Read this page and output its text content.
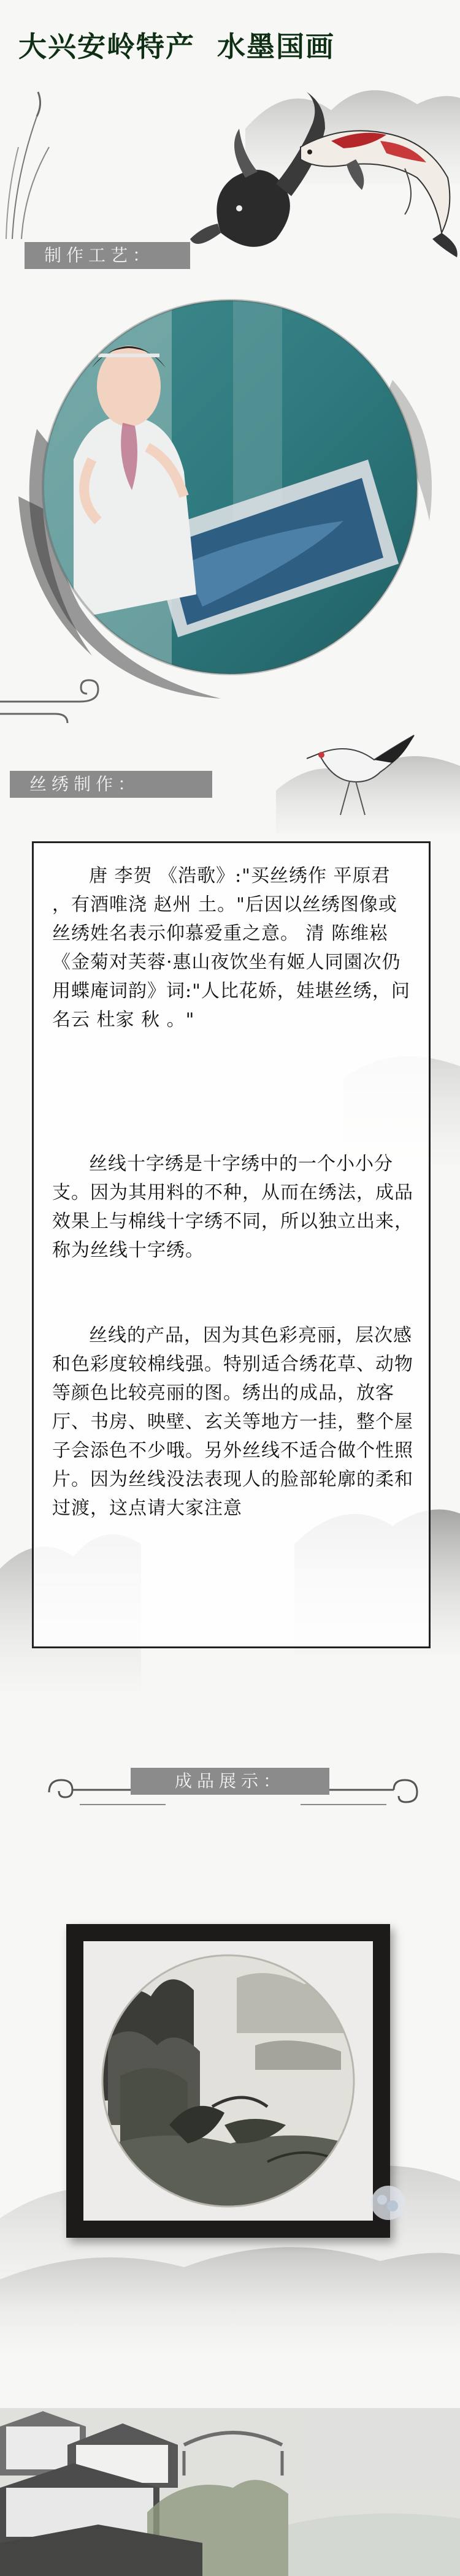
大兴安岭特产  水墨国画
制作工艺：
丝绣制作：

唐 李贺 《浩歌》:"买丝绣作 平原君 ，有酒唯浇 赵州 土。"后因以丝绣图像或丝绣姓名表示仰慕爱重之意。 清 陈维崧 《金菊对芙蓉·惠山夜饮坐有姬人同園次仍用蝶庵词韵》词:"人比花娇，娃堪丝绣，问名云 杜家 秋 。"

丝线十字绣是十字绣中的一个小小分支。因为其用料的不种，从而在绣法，成品效果上与棉线十字绣不同，所以独立出来，称为丝线十字绣。

丝线的产品，因为其色彩亮丽，层次感和色彩度较棉线强。特别适合绣花草、动物等颜色比较亮丽的图。绣出的成品，放客厅、书房、映壁、玄关等地方一挂，整个屋子会添色不少哦。另外丝线不适合做个性照片。因为丝线没法表现人的脸部轮廓的柔和过渡，这点请大家注意

成品展示：
